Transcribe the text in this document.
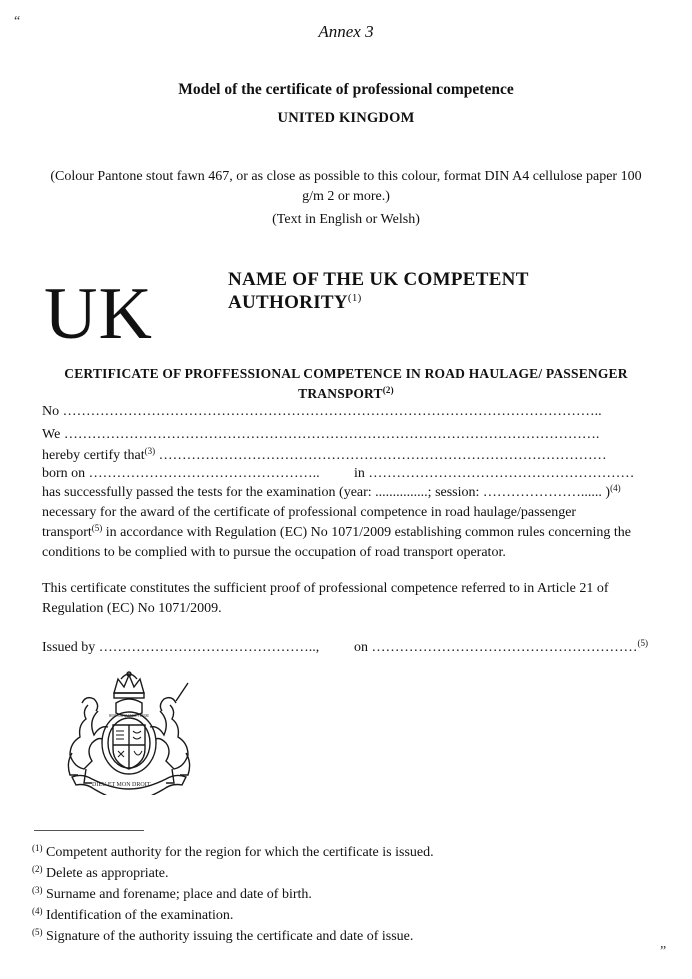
“
”
Annex 3
Model of the certificate of professional competence
UNITED KINGDOM
(Colour Pantone stout fawn 467, or as close as possible to this colour, format DIN A4 cellulose paper 100
g/m 2 or more.)
(Text in English or Welsh)
UK	NAME OF THE UK COMPETENT
AUTHORITY$^{(1)}$
CERTIFICATE OF PROFFESSIONAL COMPETENCE IN ROAD HAULAGE/ PASSENGER
TRANSPORT$^{(2)}$
No ……………………………………………………………………………………………………..
We …………………………………………………………………………………………………….
hereby certify that$^{(3)}$ ……………………………………………………………………………………
born on ………………………………………….. in …………………………………………………
has successfully passed the tests for the examination (year: ...............; session: …………………...... )$^{(4)}$
necessary for the award of the certificate of professional competence in road haulage/passenger
transport$^{(5)}$ in accordance with Regulation (EC) No 1071/2009 establishing common rules concerning the
conditions to be complied with to pursue the occupation of road transport operator.
This certificate constitutes the sufficient proof of professional competence referred to in Article 21 of
Regulation (EC) No 1071/2009.
Issued by ……………………………………….., on …………………………………………………$^{(5)}$
DIEU ET MON DROIT
HONI SOIT QUI MAL Y PENSE
$^{(1)}$ Competent authority for the region for which the certificate is issued.
$^{(2)}$ Delete as appropriate.
$^{(3)}$ Surname and forename; place and date of birth.
$^{(4)}$ Identification of the examination.
$^{(5)}$ Signature of the authority issuing the certificate and date of issue.
